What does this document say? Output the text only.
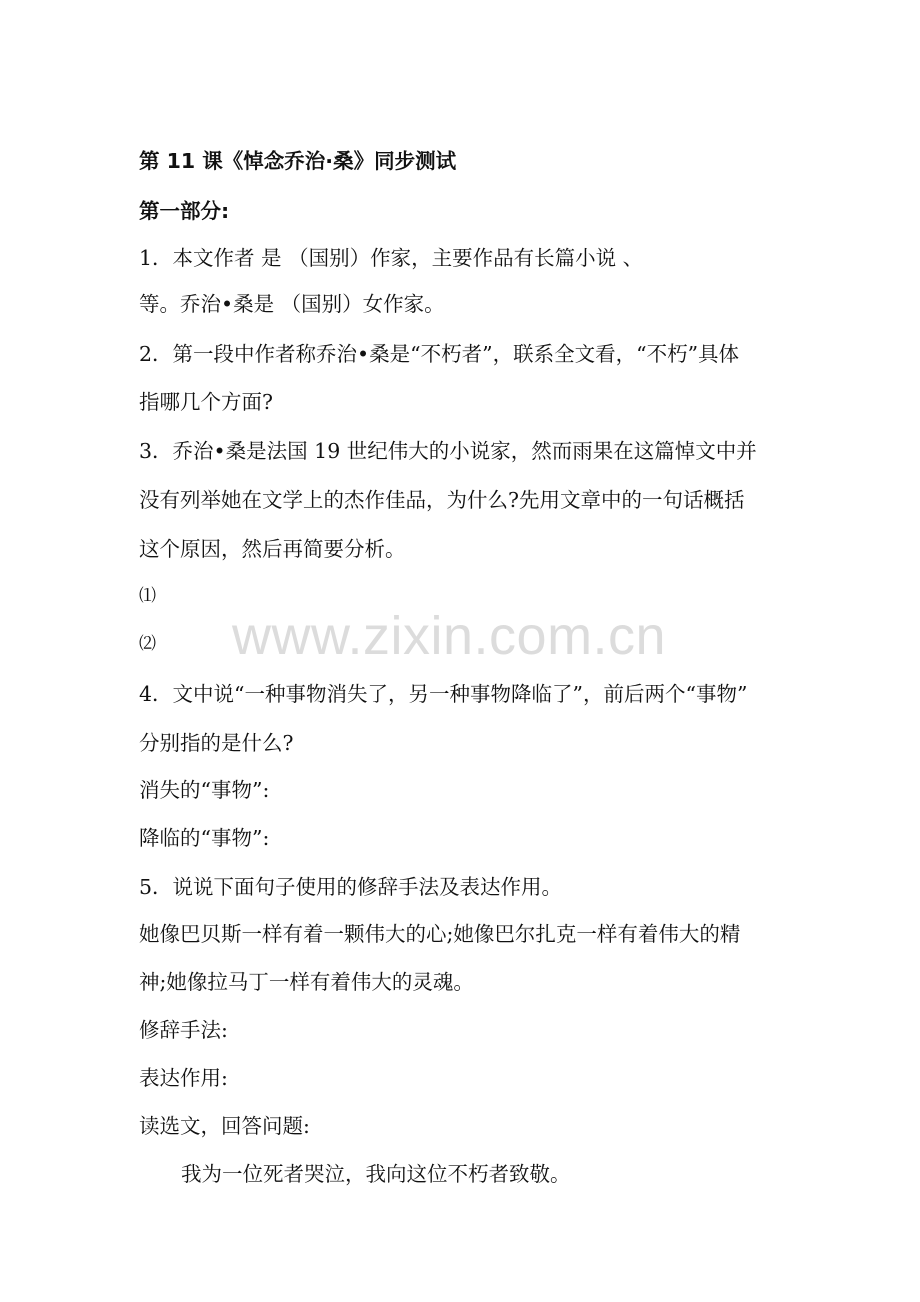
第 11 课《悼念乔治·桑》同步测试
第一部分:
1．本文作者 是 （国别）作家，主要作品有长篇小说 、
等。乔治•桑是 （国别）女作家。
2．第一段中作者称乔治•桑是“不朽者”，联系全文看，“不朽”具体
指哪几个方面?
3．乔治•桑是法国 19 世纪伟大的小说家，然而雨果在这篇悼文中并
没有列举她在文学上的杰作佳品，为什么?先用文章中的一句话概括
这个原因，然后再简要分析。
⑴
⑵
4．文中说“一种事物消失了，另一种事物降临了”，前后两个“事物”
分别指的是什么?
消失的“事物”:
降临的“事物”:
5．说说下面句子使用的修辞手法及表达作用。
她像巴贝斯一样有着一颗伟大的心;她像巴尔扎克一样有着伟大的精
神;她像拉马丁一样有着伟大的灵魂。
修辞手法:
表达作用:
读选文，回答问题:
我为一位死者哭泣，我向这位不朽者致敬。
www.zixin.com.cn
